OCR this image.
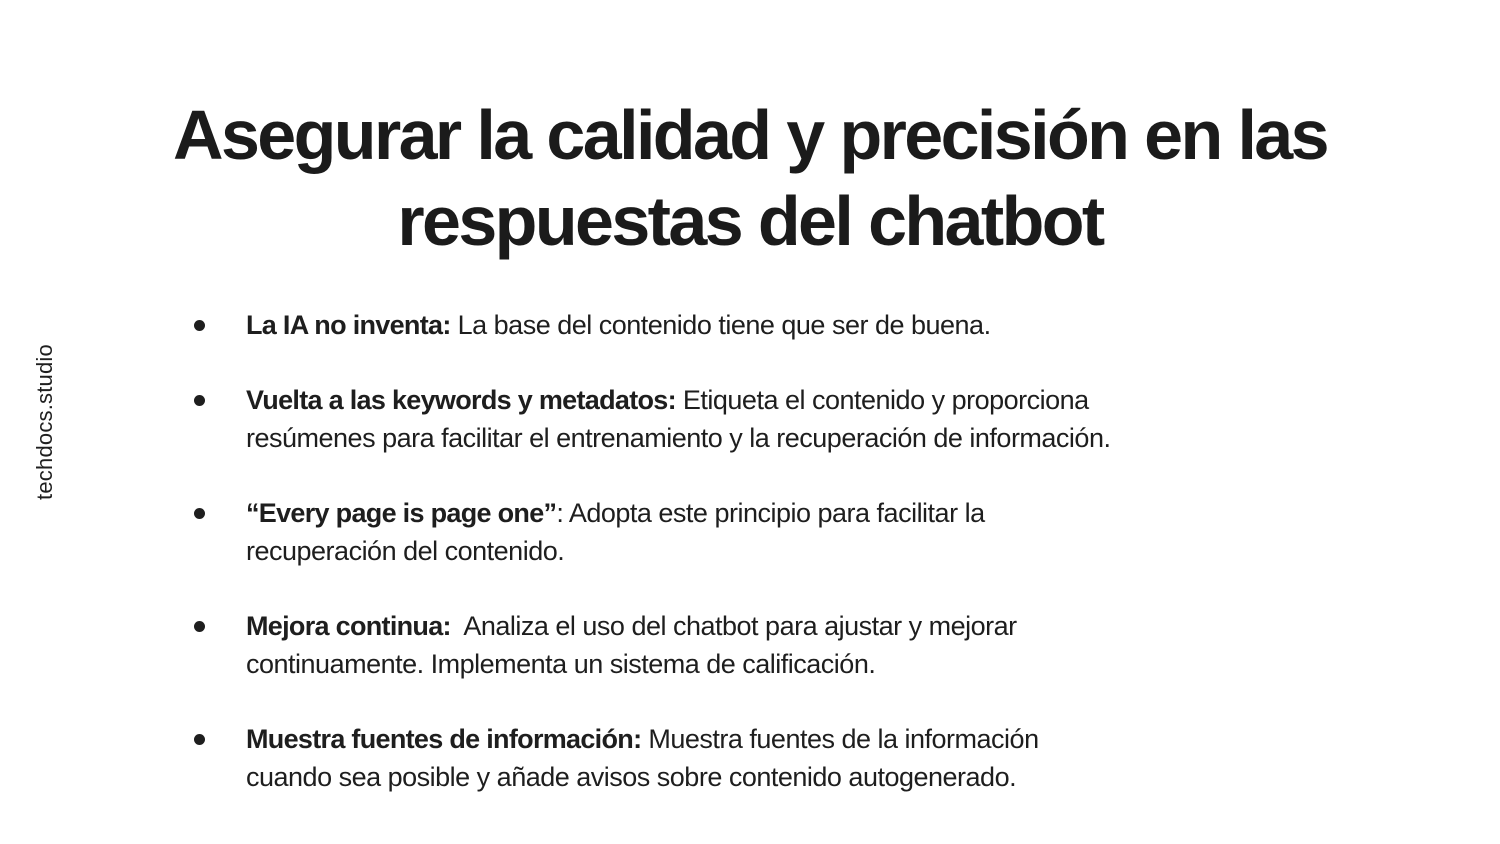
Asegurar la calidad y precisión en las
respuestas del chatbot
techdocs.studio
La IA no inventa: La base del contenido tiene que ser de buena.
Vuelta a las keywords y metadatos: Etiqueta el contenido y proporciona
resúmenes para facilitar el entrenamiento y la recuperación de información.
“Every page is page one”: Adopta este principio para facilitar la
recuperación del contenido.
Mejora continua:  Analiza el uso del chatbot para ajustar y mejorar
continuamente. Implementa un sistema de calificación.
Muestra fuentes de información: Muestra fuentes de la información
cuando sea posible y añade avisos sobre contenido autogenerado.
